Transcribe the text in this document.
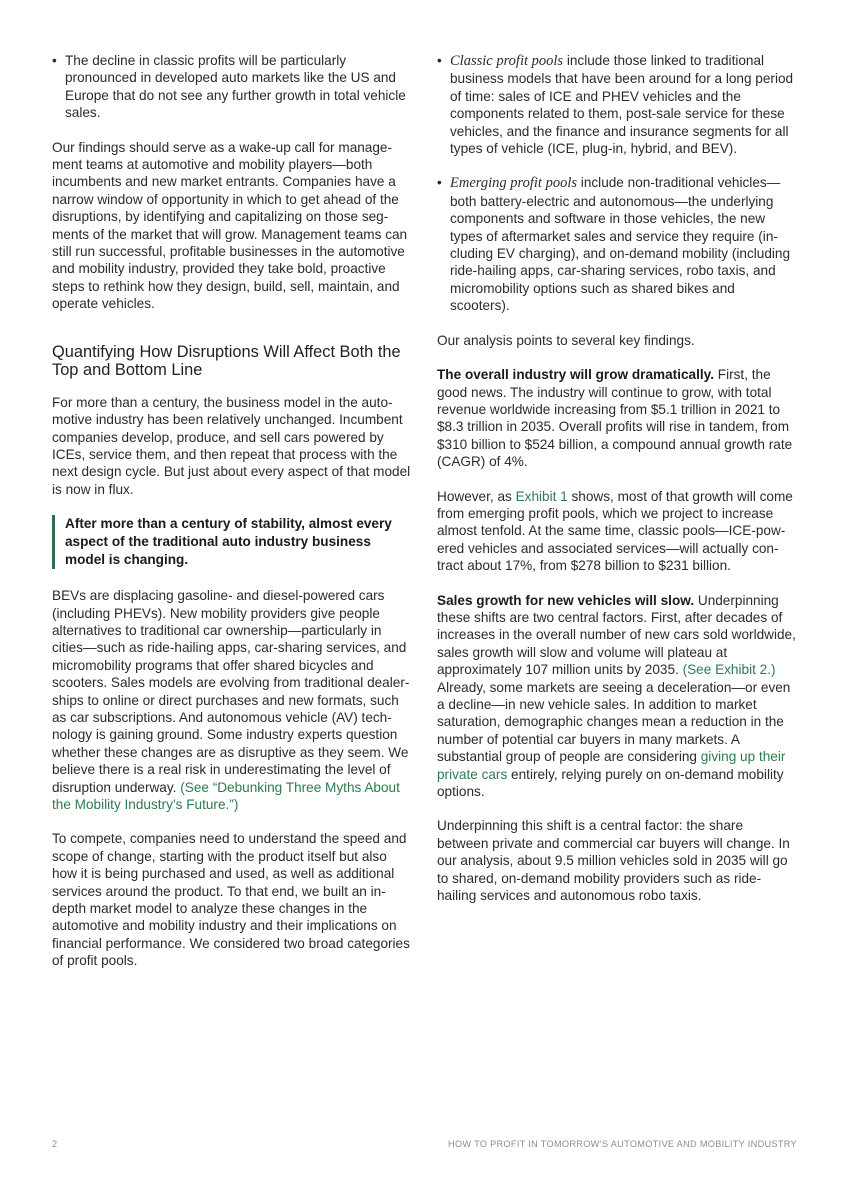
• The decline in classic profits will be particularly pronounced in developed auto markets like the US and Europe that do not see any further growth in total vehicle sales.

Our findings should serve as a wake-up call for management teams at automotive and mobility players—both incumbents and new market entrants. Companies have a narrow window of opportunity in which to get ahead of the disruptions, by identifying and capitalizing on those segments of the market that will grow. Management teams can still run successful, profitable businesses in the automotive and mobility industry, provided they take bold, proactive steps to rethink how they design, build, sell, maintain, and operate vehicles.

Quantifying How Disruptions Will Affect Both the Top and Bottom Line

For more than a century, the business model in the automotive industry has been relatively unchanged. Incumbent companies develop, produce, and sell cars powered by ICEs, service them, and then repeat that process with the next design cycle. But just about every aspect of that model is now in flux.

After more than a century of stability, almost every aspect of the traditional auto industry business model is changing.

BEVs are displacing gasoline- and diesel-powered cars (including PHEVs). New mobility providers give people alternatives to traditional car ownership—particularly in cities—such as ride-hailing apps, car-sharing services, and micromobility programs that offer shared bicycles and scooters. Sales models are evolving from traditional dealerships to online or direct purchases and new formats, such as car subscriptions. And autonomous vehicle (AV) technology is gaining ground. Some industry experts question whether these changes are as disruptive as they seem. We believe there is a real risk in underestimating the level of disruption underway. (See “Debunking Three Myths About the Mobility Industry’s Future.”)

To compete, companies need to understand the speed and scope of change, starting with the product itself but also how it is being purchased and used, as well as additional services around the product. To that end, we built an in-depth market model to analyze these changes in the automotive and mobility industry and their implications on financial performance. We considered two broad categories of profit pools.

• Classic profit pools include those linked to traditional business models that have been around for a long period of time: sales of ICE and PHEV vehicles and the components related to them, post-sale service for these vehicles, and the finance and insurance segments for all types of vehicle (ICE, plug-in, hybrid, and BEV).
• Emerging profit pools include non-traditional vehicles—both battery-electric and autonomous—the underlying components and software in those vehicles, the new types of aftermarket sales and service they require (including EV charging), and on-demand mobility (including ride-hailing apps, car-sharing services, robo taxis, and micromobility options such as shared bikes and scooters).

Our analysis points to several key findings.

The overall industry will grow dramatically. First, the good news. The industry will continue to grow, with total revenue worldwide increasing from $5.1 trillion in 2021 to $8.3 trillion in 2035. Overall profits will rise in tandem, from $310 billion to $524 billion, a compound annual growth rate (CAGR) of 4%.

However, as Exhibit 1 shows, most of that growth will come from emerging profit pools, which we project to increase almost tenfold. At the same time, classic pools—ICE-powered vehicles and associated services—will actually contract about 17%, from $278 billion to $231 billion.

Sales growth for new vehicles will slow. Underpinning these shifts are two central factors. First, after decades of increases in the overall number of new cars sold worldwide, sales growth will slow and volume will plateau at approximately 107 million units by 2035. (See Exhibit 2.) Already, some markets are seeing a deceleration—or even a decline—in new vehicle sales. In addition to market saturation, demographic changes mean a reduction in the number of potential car buyers in many markets. A substantial group of people are considering giving up their private cars entirely, relying purely on on-demand mobility options.

Underpinning this shift is a central factor: the share between private and commercial car buyers will change. In our analysis, about 9.5 million vehicles sold in 2035 will go to shared, on-demand mobility providers such as ride-hailing services and autonomous robo taxis.

2	HOW TO PROFIT IN TOMORROW’S AUTOMOTIVE AND MOBILITY INDUSTRY
